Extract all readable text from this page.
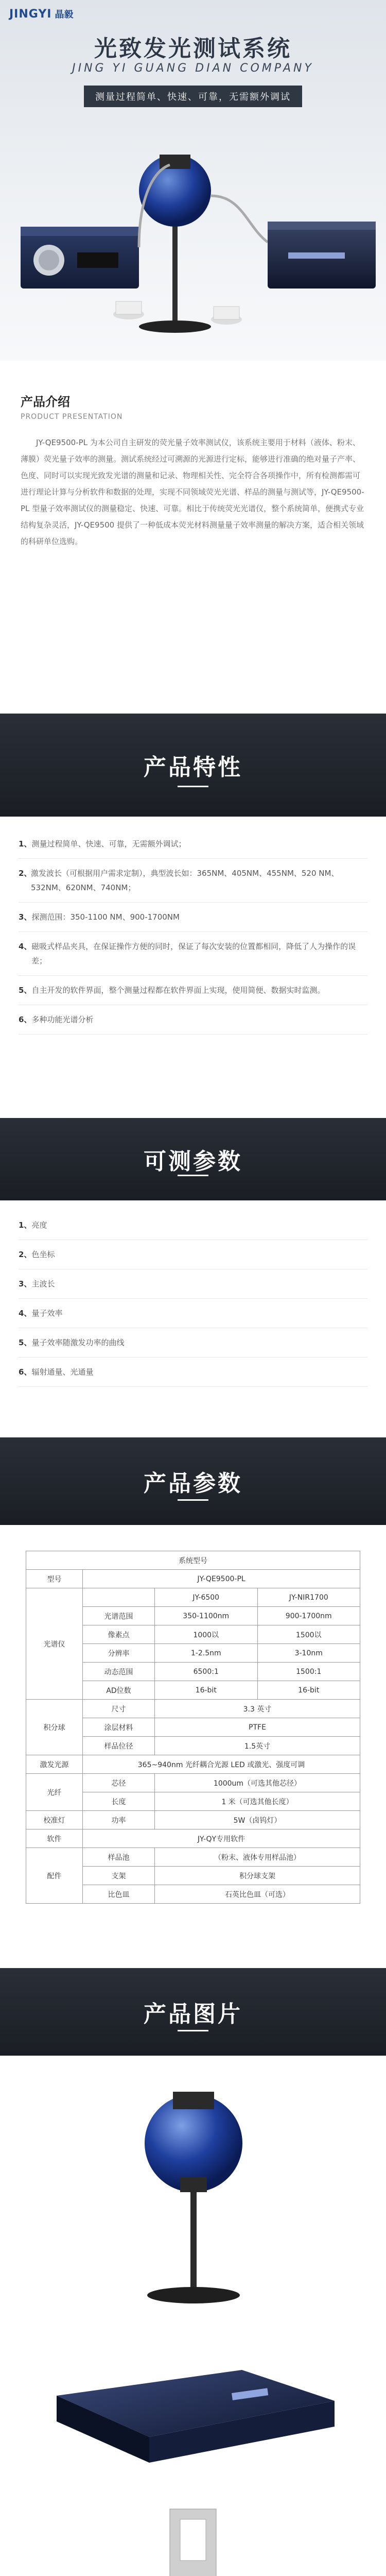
JINGYI 晶毅
光致发光测试系统
JING YI GUANG DIAN COMPANY
测量过程简单、快速、可靠，无需额外调试
产品介绍
PRODUCT PRESENTATION

JY-QE9500-PL 为本公司自主研发的荧光量子效率测试仪，该系统主要用于材料（液体、粉末、薄膜）荧光量子效率的测量。测试系统经过可溯源的光源进行定标，能够进行准确的绝对量子产率、色度、同时可以实现光致发光谱的测量和记录、物理相关性、完全符合各项操作中，所有检测都需可进行理论计算与分析软件和数据的处理，实现不同领域荧光光谱、样品的测量与测试等，JY-QE9500-PL 型量子效率测试仪的测量稳定、快速、可靠。相比于传统荧光光谱仪，整个系统简单，便携式专业结构复杂灵活，JY-QE9500 提供了一种低成本荧光材料测量量子效率测量的解决方案，适合相关领域的科研单位选购。

产品特性
1、 测量过程简单、快速、可靠，无需额外调试；
2、
激发波长（可根据用户需求定制），典型波长如：365NM、405NM、455NM、520 NM、532NM、620NM、740NM；
3、 探测范围：350-1100 NM、900-1700NM
4、 磁吸式样品夹具，在保证操作方便的同时，保证了每次安装的位置都相同，降低了人为操作的误差；
5、 自主开发的软件界面，整个测量过程都在软件界面上实现，使用简便、数据实时监测。
6、 多种功能光谱分析
可测参数
1、 亮度
2、 色坐标
3、 主波长
4、 量子效率
5、 量子效率随激发功率的曲线
6、 辐射通量、光通量
产品参数
系统型号			
型号	JY-QE9500-PL		
光谱仪		JY-6500	JY-NIR1700
	光谱范围	350-1100nm	900-1700nm
	像素点	1000以	1500以
	分辨率	1-2.5nm	3-10nm
	动态范围	6500:1	1500:1
	AD位数	16-bit	16-bit
积分球	尺寸	3.3 英寸	
	涂层材料	PTFE	
	样品位径	1.5英寸	
激发光源	365~940nm 光纤耦合光源 LED 或激光、强度可调		
光纤	芯径	1000um（可选其他芯径）	
	长度	1 米（可选其他长度）	
校准灯	功率	5W（卤钨灯）	
软件	JY-QY专用软件		
配件	样品池	（粉末、液体专用样品池）	
	支架	积分球支架	
	比色皿	石英比色皿（可选）	
产品图片
